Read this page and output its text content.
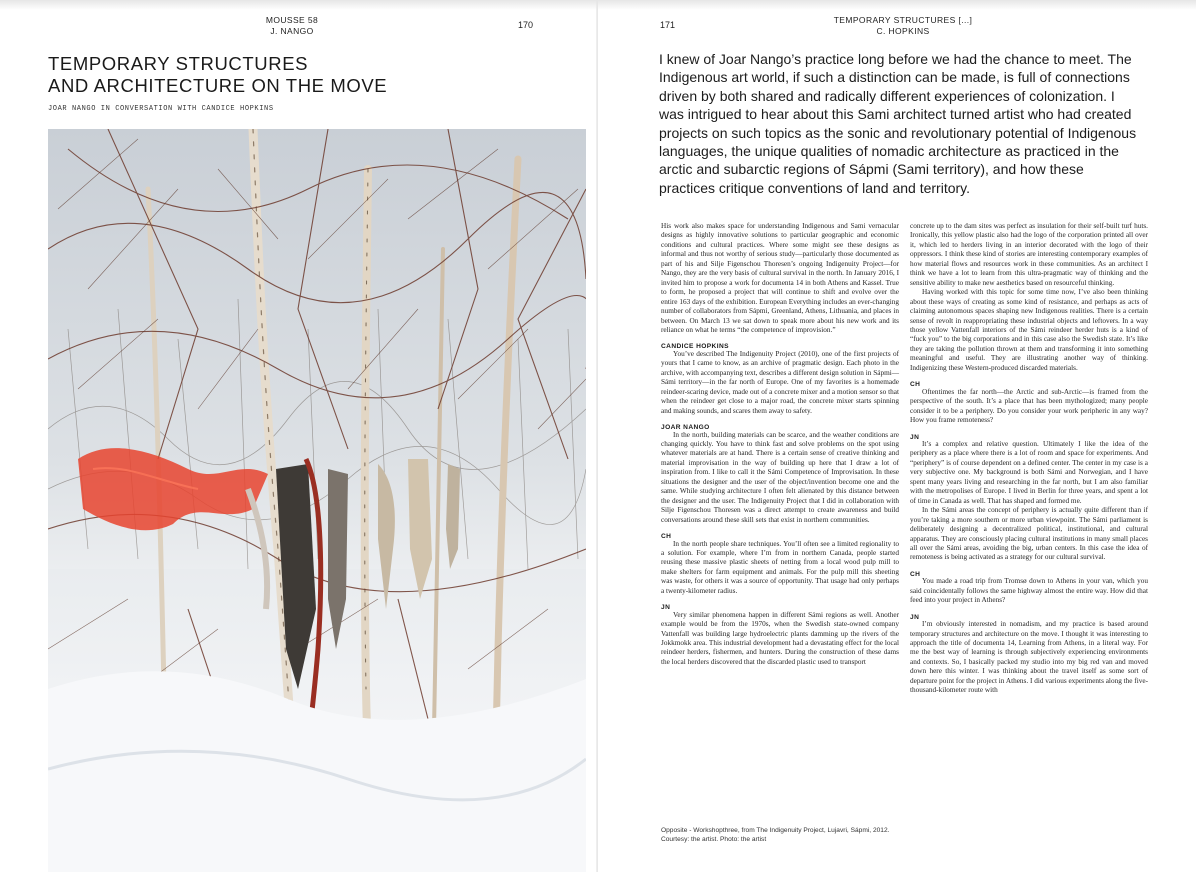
MOUSSE 58
J. NANGO
170
TEMPORARY STRUCTURES
AND ARCHITECTURE ON THE MOVE
JOAR NANGO IN CONVERSATION WITH CANDICE HOPKINS
171	TEMPORARY STRUCTURES [...]
C. HOPKINS
I knew of Joar Nango’s practice long before we had the chance to meet. The Indigenous art world, if such a distinction can be made, is full of connections driven by both shared and radically different experiences of colonization. I was intrigued to hear about this Sami architect turned artist who had created projects on such topics as the sonic and revolutionary potential of Indigenous languages, the unique qualities of nomadic architecture as practiced in the arctic and subarctic regions of Sápmi (Sami territory), and how these practices critique conventions of land and territory.

His work also makes space for understanding Indigenous and Sami vernacular designs as highly innovative solutions to particular geographic and economic conditions and cultural practices. Where some might see these designs as informal and thus not worthy of serious study—particularly those documented as part of his and Silje Figenschou Thoresen’s ongoing Indigenuity Project—for Nango, they are the very basis of cultural survival in the north. In January 2016, I invited him to propose a work for documenta 14 in both Athens and Kassel. True to form, he proposed a project that will continue to shift and evolve over the entire 163 days of the exhibition. European Everything includes an ever-changing number of collaborators from Sápmi, Greenland, Athens, Lithuania, and places in between. On March 13 we sat down to speak more about his new work and its reliance on what he terms “the competence of improvision.”

CANDICE HOPKINS

You’ve described The Indigenuity Project (2010), one of the first projects of yours that I came to know, as an archive of pragmatic design. Each photo in the archive, with accompanying text, describes a different design solution in Sápmi—Sámi territory—in the far north of Europe. One of my favorites is a homemade reindeer-scaring device, made out of a concrete mixer and a motion sensor so that when the reindeer get close to a major road, the concrete mixer starts spinning and making sounds, and scares them away to safety.

JOAR NANGO

In the north, building materials can be scarce, and the weather conditions are changing quickly. You have to think fast and solve problems on the spot using whatever materials are at hand. There is a certain sense of creative thinking and material improvisation in the way of building up here that I draw a lot of inspiration from. I like to call it the Sámi Competence of Improvisation. In these situations the designer and the user of the object/invention become one and the same. While studying architecture I often felt alienated by this distance between the designer and the user. The Indigenuity Project that I did in collaboration with Silje Figenschou Thoresen was a direct attempt to create awareness and build conversations around these skill sets that exist in northern communities.

CH

In the north people share techniques. You’ll often see a limited regionality to a solution. For example, where I’m from in northern Canada, people started reusing these massive plastic sheets of netting from a local wood pulp mill to make shelters for farm equipment and animals. For the pulp mill this sheeting was waste, for others it was a source of opportunity. That usage had only perhaps a twenty-kilometer radius.

JN

Very similar phenomena happen in different Sámi regions as well. Another example would be from the 1970s, when the Swedish state-owned company Vattenfall was building large hydroelectric plants damming up the rivers of the Jokkmokk area. This industrial development had a devastating effect for the local reindeer herders, fishermen, and hunters. During the construction of these dams the local herders discovered that the discarded plastic used to transport

Opposite - Workshopthree, from The Indigenuity Project, Lujavri, Sápmi, 2012. Courtesy: the artist. Photo: the artist

concrete up to the dam sites was perfect as insulation for their self-built turf huts. Ironically, this yellow plastic also had the logo of the corporation printed all over it, which led to herders living in an interior decorated with the logo of their oppressors. I think these kind of stories are interesting contemporary examples of how material flows and resources work in these communities. As an architect I think we have a lot to learn from this ultra-pragmatic way of thinking and the sensitive ability to make new aesthetics based on resourceful thinking.

Having worked with this topic for some time now, I’ve also been thinking about these ways of creating as some kind of resistance, and perhaps as acts of claiming autonomous spaces shaping new Indigenous realities. There is a certain sense of revolt in reappropriating these industrial objects and leftovers. In a way those yellow Vattenfall interiors of the Sámi reindeer herder huts is a kind of “fuck you” to the big corporations and in this case also the Swedish state. It’s like they are taking the pollution thrown at them and transforming it into something meaningful and useful. They are illustrating another way of thinking. Indigenizing these Western-produced discarded materials.

CH

Oftentimes the far north—the Arctic and sub-Arctic—is framed from the perspective of the south. It’s a place that has been mythologized; many people consider it to be a periphery. Do you consider your work peripheric in any way? How you frame remoteness?

JN

It’s a complex and relative question. Ultimately I like the idea of the periphery as a place where there is a lot of room and space for experiments. And “periphery” is of course dependent on a defined center. The center in my case is a very subjective one. My background is both Sámi and Norwegian, and I have spent many years living and researching in the far north, but I am also familiar with the metropolises of Europe. I lived in Berlin for three years, and spent a lot of time in Canada as well. That has shaped and formed me.

In the Sámi areas the concept of periphery is actually quite different than if you’re taking a more southern or more urban viewpoint. The Sámi parliament is deliberately designing a decentralized political, institutional, and cultural apparatus. They are consciously placing cultural institutions in many small places all over the Sámi areas, avoiding the big, urban centers. In this case the idea of remoteness is being activated as a strategy for our cultural survival.

CH

You made a road trip from Tromsø down to Athens in your van, which you said coincidentally follows the same highway almost the entire way. How did that feed into your project in Athens?

JN

I’m obviously interested in nomadism, and my practice is based around temporary structures and architecture on the move. I thought it was interesting to approach the title of documenta 14, Learning from Athens, in a literal way. For me the best way of learning is through subjectively experiencing environments and contexts. So, I basically packed my studio into my big red van and moved down here this winter. I was thinking about the travel itself as some sort of departure point for the project in Athens. I did various experiments along the five-thousand-kilometer route with
